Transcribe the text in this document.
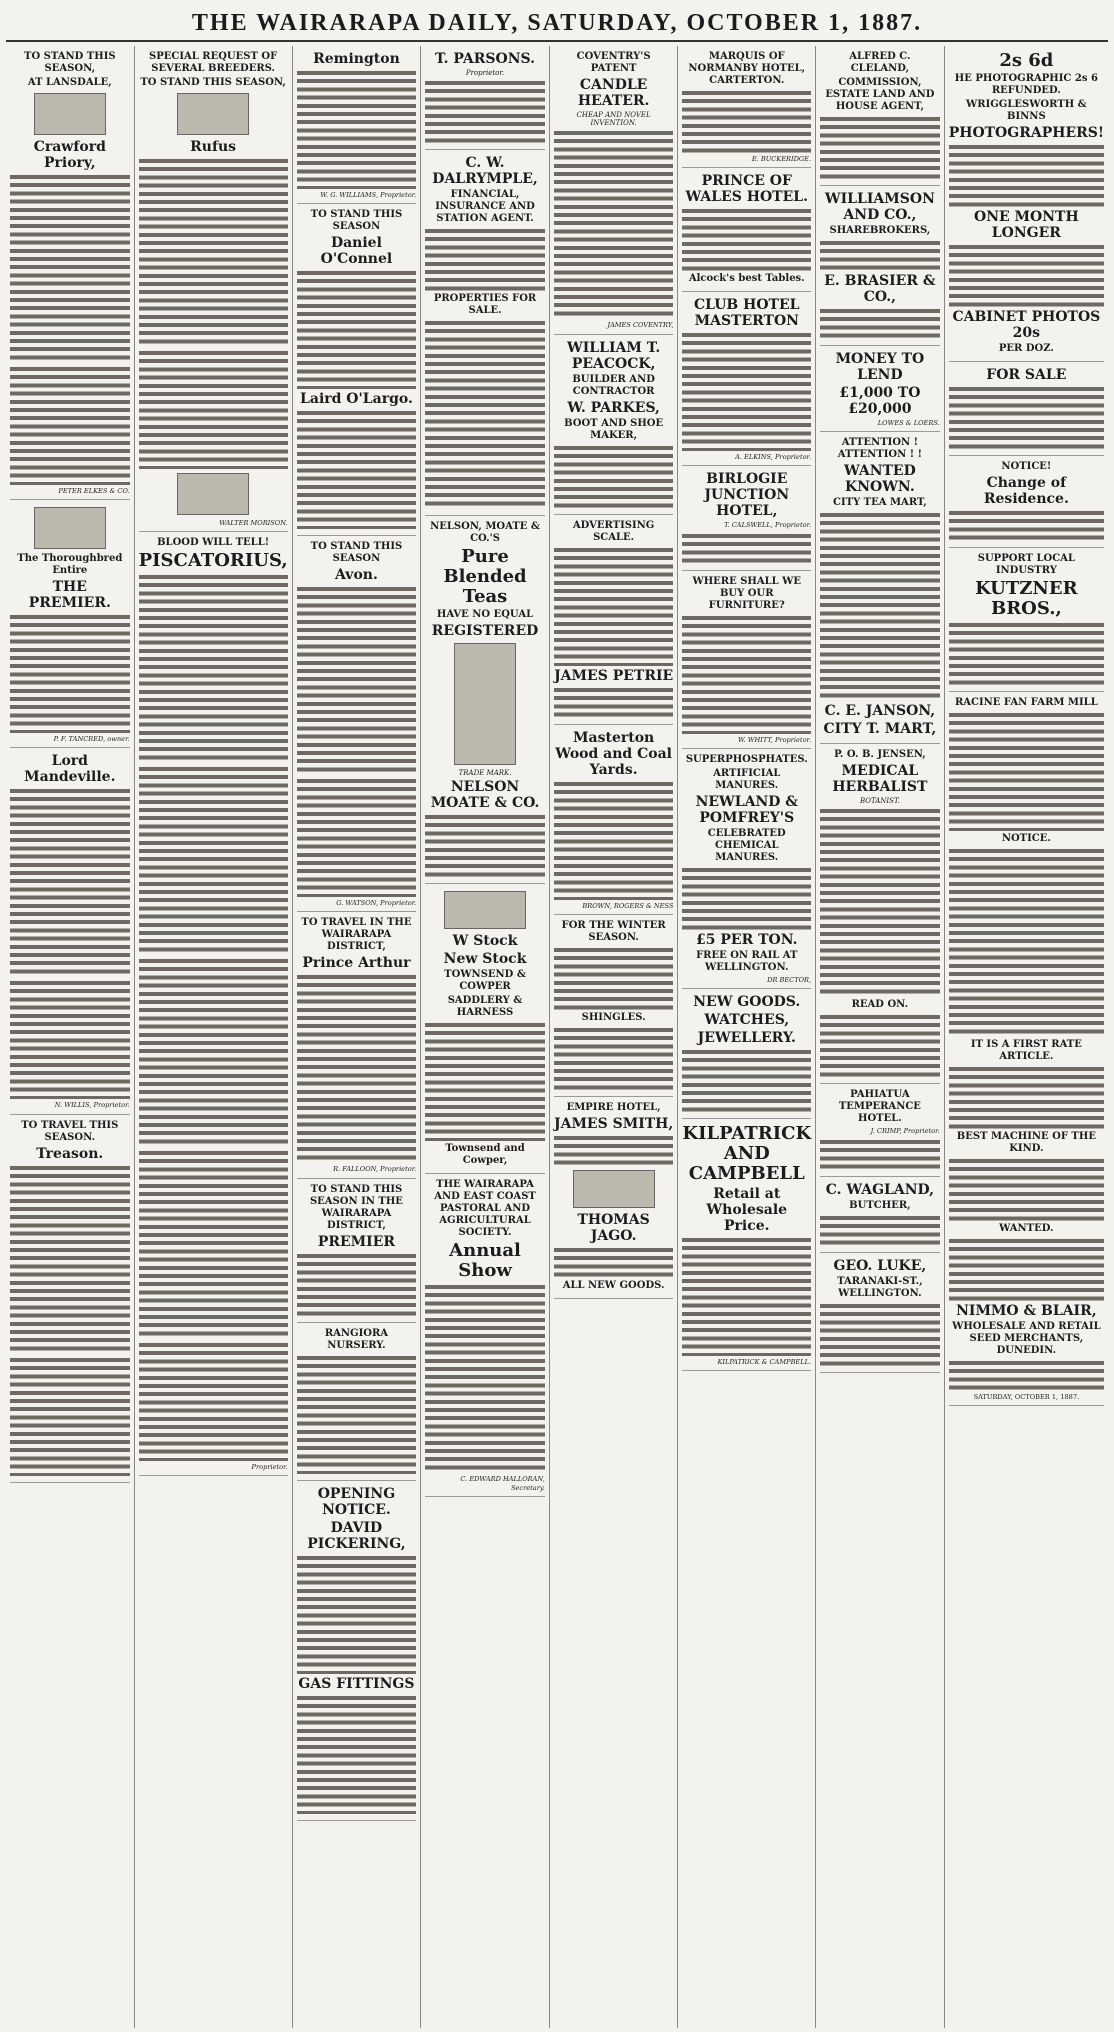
THE WAIRARAPA DAILY, SATURDAY, OCTOBER 1, 1887.
TO STAND THIS SEASON,
AT LANSDALE,
Crawford Priory,
PETER ELKES & CO.
The Thoroughbred Entire
THE PREMIER.
P. F. TANCRED, owner.
Lord Mandeville.
N. WILLIS, Proprietor.
TO TRAVEL THIS SEASON.
Treason.
SPECIAL REQUEST OF SEVERAL BREEDERS.
TO STAND THIS SEASON,
Rufus
WALTER MORISON.
BLOOD WILL TELL!
PISCATORIUS,
Proprietor.
Remington
W. G. WILLIAMS, Proprietor.
TO STAND THIS SEASON
Daniel O'Connel
Laird O'Largo.
TO STAND THIS SEASON
Avon.
G. WATSON, Proprietor.
TO TRAVEL IN THE WAIRARAPA DISTRICT,
Prince Arthur
R. FALLOON, Proprietor.
TO STAND THIS SEASON IN THE WAIRARAPA DISTRICT,
PREMIER
RANGIORA NURSERY.
OPENING NOTICE.
DAVID PICKERING,
GAS FITTINGS
T. PARSONS.
Proprietor.
C. W. DALRYMPLE,
FINANCIAL, INSURANCE AND STATION AGENT.
PROPERTIES FOR SALE.
NELSON, MOATE & CO.'S
Pure Blended Teas
HAVE NO EQUAL
REGISTERED
TRADE MARK.
NELSON MOATE & CO.
W Stock
New Stock
TOWNSEND & COWPER
SADDLERY & HARNESS
Townsend and Cowper,
THE WAIRARAPA AND EAST COAST PASTORAL AND AGRICULTURAL SOCIETY.
Annual Show
C. EDWARD HALLORAN, Secretary.
COVENTRY'S PATENT
CANDLE HEATER.
CHEAP AND NOVEL INVENTION.
JAMES COVENTRY,
WILLIAM T. PEACOCK,
BUILDER AND CONTRACTOR
W. PARKES,
BOOT AND SHOE MAKER,
ADVERTISING SCALE.
JAMES PETRIE
Masterton Wood and Coal Yards.
BROWN, ROGERS & NESS
FOR THE WINTER SEASON.
SHINGLES.
EMPIRE HOTEL,
JAMES SMITH,
THOMAS JAGO.
ALL NEW GOODS.
MARQUIS OF NORMANBY HOTEL, CARTERTON.
E. BUCKERIDGE.
PRINCE OF WALES HOTEL.
Alcock's best Tables.
CLUB HOTEL MASTERTON
A. ELKINS, Proprietor.
BIRLOGIE JUNCTION HOTEL,
T. CALSWELL, Proprietor.
WHERE SHALL WE BUY OUR FURNITURE?
W. WHITT, Proprietor.
SUPERPHOSPHATES.
ARTIFICIAL MANURES.
NEWLAND & POMFREY'S
CELEBRATED CHEMICAL MANURES.
£5 PER TON.
FREE ON RAIL AT WELLINGTON.
DR BECTOR,
NEW GOODS.
WATCHES,
JEWELLERY.
KILPATRICK AND CAMPBELL
Retail at Wholesale Price.
KILPATRICK & CAMPBELL.
ALFRED C. CLELAND,
COMMISSION, ESTATE LAND AND HOUSE AGENT,
WILLIAMSON AND CO.,
SHAREBROKERS,
E. BRASIER & CO.,
MONEY TO LEND
£1,000 TO £20,000
LOWES & LOERS.
ATTENTION ! ATTENTION ! !
WANTED KNOWN.
CITY TEA MART,
C. E. JANSON,
CITY T. MART,
P. O. B. JENSEN,
MEDICAL HERBALIST
BOTANIST.
READ ON.
PAHIATUA TEMPERANCE HOTEL.
J. CRIMP, Proprietor.
C. WAGLAND,
BUTCHER,
GEO. LUKE,
TARANAKI-ST., WELLINGTON.
2s 6d
HE PHOTOGRAPHIC 2s 6 REFUNDED.
WRIGGLESWORTH & BINNS
PHOTOGRAPHERS!
ONE MONTH LONGER
CABINET PHOTOS 20s
PER DOZ.
FOR SALE
NOTICE!
Change of Residence.
SUPPORT LOCAL INDUSTRY
KUTZNER BROS.,
RACINE FAN FARM MILL
NOTICE.
IT IS A FIRST RATE ARTICLE.
BEST MACHINE OF THE KIND.
WANTED.
NIMMO & BLAIR,
WHOLESALE AND RETAIL SEED MERCHANTS, DUNEDIN.
SATURDAY, OCTOBER 1, 1887.
